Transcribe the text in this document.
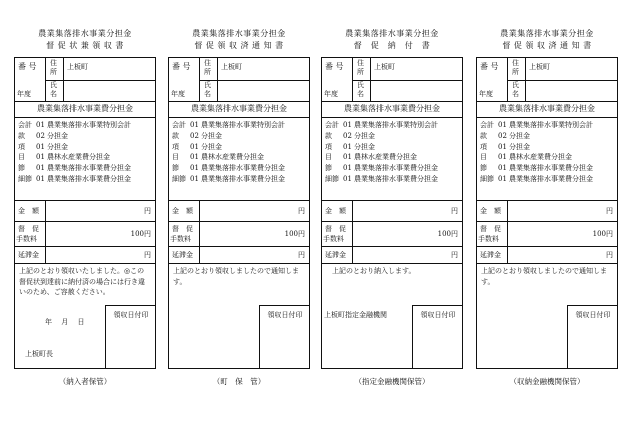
農業集落排水事業分担金
督 促 状 兼 領 収 書
番 号 住所
上板町
氏名
年度
農業集落排水事業費分担金
会計 01 農業集落排水事業特別会計
款 02 分担金
項 01 分担金
目 01 農林水産業費分担金
節 01 農業集落排水事業費分担金
細節 01 農業集落排水事業費分担金
金　額	円
督　促
手数料
100円
延滞金	円
上記のとおり領収いたしました。◎この督促状到達前に納付済の場合には行き違いのため、ご容赦ください。
年　 月　 日
上板町長
領収日付印
（納入者保管）
農業集落排水事業分担金
督 促 領 収 済 通 知 書
番 号 住所
上板町
氏名
年度
農業集落排水事業費分担金
会計 01 農業集落排水事業特別会計
款 02 分担金
項 01 分担金
目 01 農林水産業費分担金
節 01 農業集落排水事業費分担金
細節 01 農業集落排水事業費分担金
金　額	円
督　促
手数料
100円
延滞金	円
上記のとおり領収しましたので通知します。
領収日付印
（町　保　管）
農業集落排水事業分担金
督　促　納　付　書
番 号 住所
上板町
氏名
年度
農業集落排水事業費分担金
会計 01 農業集落排水事業特別会計
款 02 分担金
項 01 分担金
目 01 農林水産業費分担金
節 01 農業集落排水事業費分担金
細節 01 農業集落排水事業費分担金
金　額	円
督　促
手数料
100円
延滞金	円
上記のとおり納入します。
上板町指定金融機関	領収日付印
（指定金融機関保管）
農業集落排水事業分担金
督 促 領 収 済 通 知 書
番 号 住所
上板町
氏名
年度
農業集落排水事業費分担金
会計 01 農業集落排水事業特別会計
款 02 分担金
項 01 分担金
目 01 農林水産業費分担金
節 01 農業集落排水事業費分担金
細節 01 農業集落排水事業費分担金
金　額	円
督　促
手数料
100円
延滞金	円
上記のとおり領収しましたので通知します。
領収日付印
（収納金融機関保管）
